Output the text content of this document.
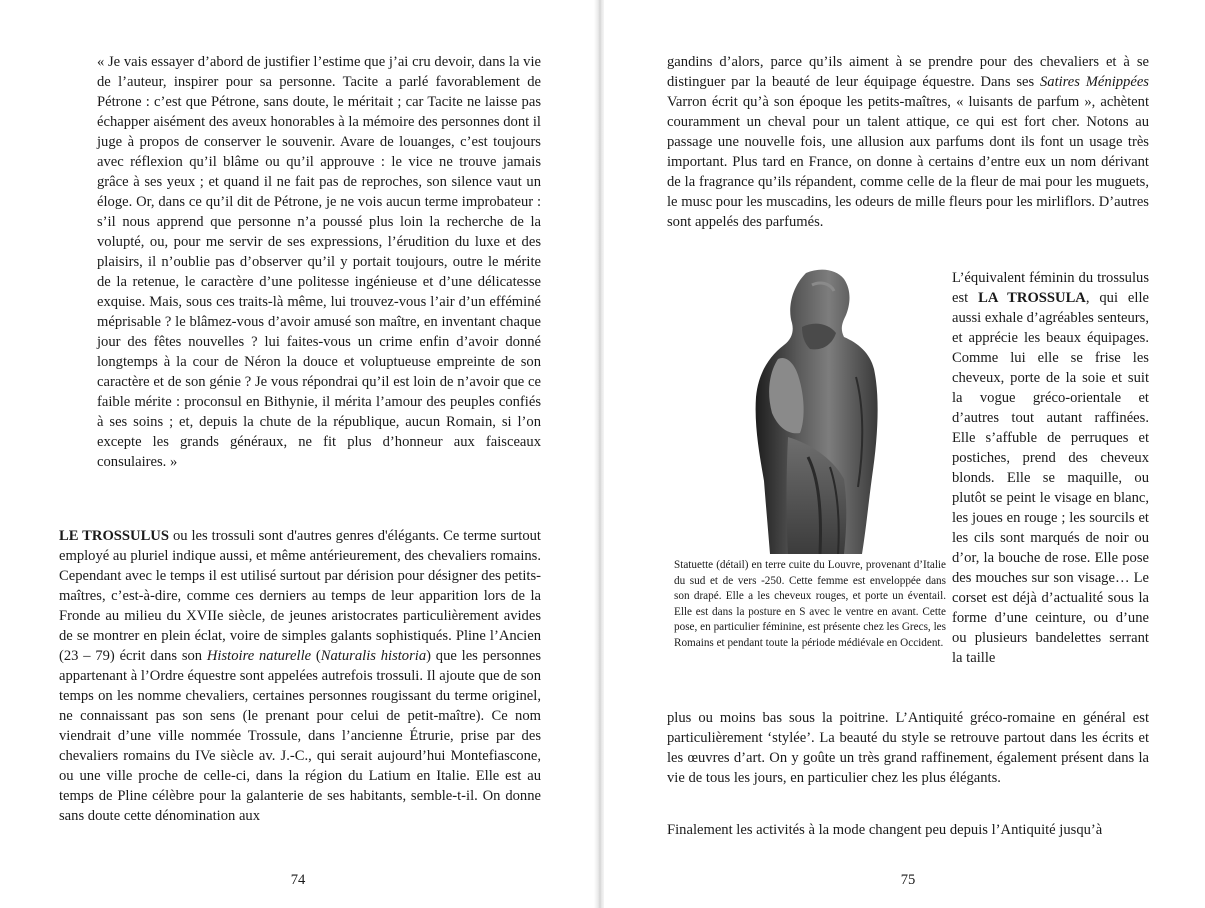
« Je vais essayer d’abord de justifier l’estime que j’ai cru devoir, dans la vie de l’auteur, inspirer pour sa personne. Tacite a parlé favorablement de Pétrone : c’est que Pétrone, sans doute, le méritait ; car Tacite ne laisse pas échapper aisément des aveux honorables à la mémoire des personnes dont il juge à propos de conserver le souvenir. Avare de louanges, c’est toujours avec réflexion qu’il blâme ou qu’il approuve : le vice ne trouve jamais grâce à ses yeux ; et quand il ne fait pas de reproches, son silence vaut un éloge. Or, dans ce qu’il dit de Pétrone, je ne vois aucun terme improbateur : s’il nous apprend que personne n’a poussé plus loin la recherche de la volupté, ou, pour me servir de ses expressions, l’érudition du luxe et des plaisirs, il n’oublie pas d’observer qu’il y portait toujours, outre le mérite de la retenue, le caractère d’une politesse ingénieuse et d’une délicatesse exquise. Mais, sous ces traits-là même, lui trouvez-vous l’air d’un efféminé méprisable ? le blâmez-vous d’avoir amusé son maître, en inventant chaque jour des fêtes nouvelles ? lui faites-vous un crime enfin d’avoir donné longtemps à la cour de Néron la douce et voluptueuse empreinte de son caractère et de son génie ? Je vous répondrai qu’il est loin de n’avoir que ce faible mérite : proconsul en Bithynie, il mérita l’amour des peuples confiés à ses soins ; et, depuis la chute de la république, aucun Romain, si l’on excepte les grands généraux, ne fit plus d’honneur aux faisceaux consulaires. »

LE TROSSULUS ou les trossuli sont d'autres genres d'élégants. Ce terme surtout employé au pluriel indique aussi, et même antérieurement, des chevaliers romains. Cependant avec le temps il est utilisé surtout par dérision pour désigner des petits-maîtres, c’est-à-dire, comme ces derniers au temps de leur apparition lors de la Fronde au milieu du XVIIe siècle, de jeunes aristocrates particulièrement avides de se montrer en plein éclat, voire de simples galants sophistiqués. Pline l’Ancien (23 – 79) écrit dans son Histoire naturelle (Naturalis historia) que les personnes appartenant à l’Ordre équestre sont appelées autrefois trossuli. Il ajoute que de son temps on les nomme chevaliers, certaines personnes rougissant du terme originel, ne connaissant pas son sens (le prenant pour celui de petit-maître). Ce nom viendrait d’une ville nommée Trossule, dans l’ancienne Étrurie, prise par des chevaliers romains du IVe siècle av. J.-C., qui serait aujourd’hui Montefiascone, ou une ville proche de celle-ci, dans la région du Latium en Italie. Elle est au temps de Pline célèbre pour la galanterie de ses habitants, semble-t-il. On donne sans doute cette dénomination aux

74

gandins d’alors, parce qu’ils aiment à se prendre pour des chevaliers et à se distinguer par la beauté de leur équipage équestre. Dans ses Satires Ménippées Varron écrit qu’à son époque les petits-maîtres, « luisants de parfum », achètent couramment un cheval pour un talent attique, ce qui est fort cher. Notons au passage une nouvelle fois, une allusion aux parfums dont ils font un usage très important. Plus tard en France, on donne à certains d’entre eux un nom dérivant de la fragrance qu’ils répandent, comme celle de la fleur de mai pour les muguets, le musc pour les muscadins, les odeurs de mille fleurs pour les mirliflors. D’autres sont appelés des parfumés.

Statuette (détail) en terre cuite du Louvre, provenant d’Italie du sud et de vers -250. Cette femme est enveloppée dans son drapé. Elle a les cheveux rouges, et porte un éventail. Elle est dans la posture en S avec le ventre en avant. Cette pose, en particulier féminine, est présente chez les Grecs, les Romains et pendant toute la période médiévale en Occident.

L’équivalent féminin du trossulus est LA TROSSULA, qui elle aussi exhale d’agréables senteurs, et apprécie les beaux équipages. Comme lui elle se frise les cheveux, porte de la soie et suit la vogue gréco-orientale et d’autres tout autant raffinées. Elle s’affuble de perruques et postiches, prend des cheveux blonds. Elle se maquille, ou plutôt se peint le visage en blanc, les joues en rouge ; les sourcils et les cils sont marqués de noir ou d’or, la bouche de rose. Elle pose des mouches sur son visage… Le corset est déjà d’actualité sous la forme d’une ceinture, ou d’une ou plusieurs bandelettes serrant la taille

plus ou moins bas sous la poitrine. L’Antiquité gréco-romaine en général est particulièrement ‘stylée’. La beauté du style se retrouve partout dans les écrits et les œuvres d’art. On y goûte un très grand raffinement, également présent dans la vie de tous les jours, en particulier chez les plus élégants.

Finalement les activités à la mode changent peu depuis l’Antiquité jusqu’à

75
